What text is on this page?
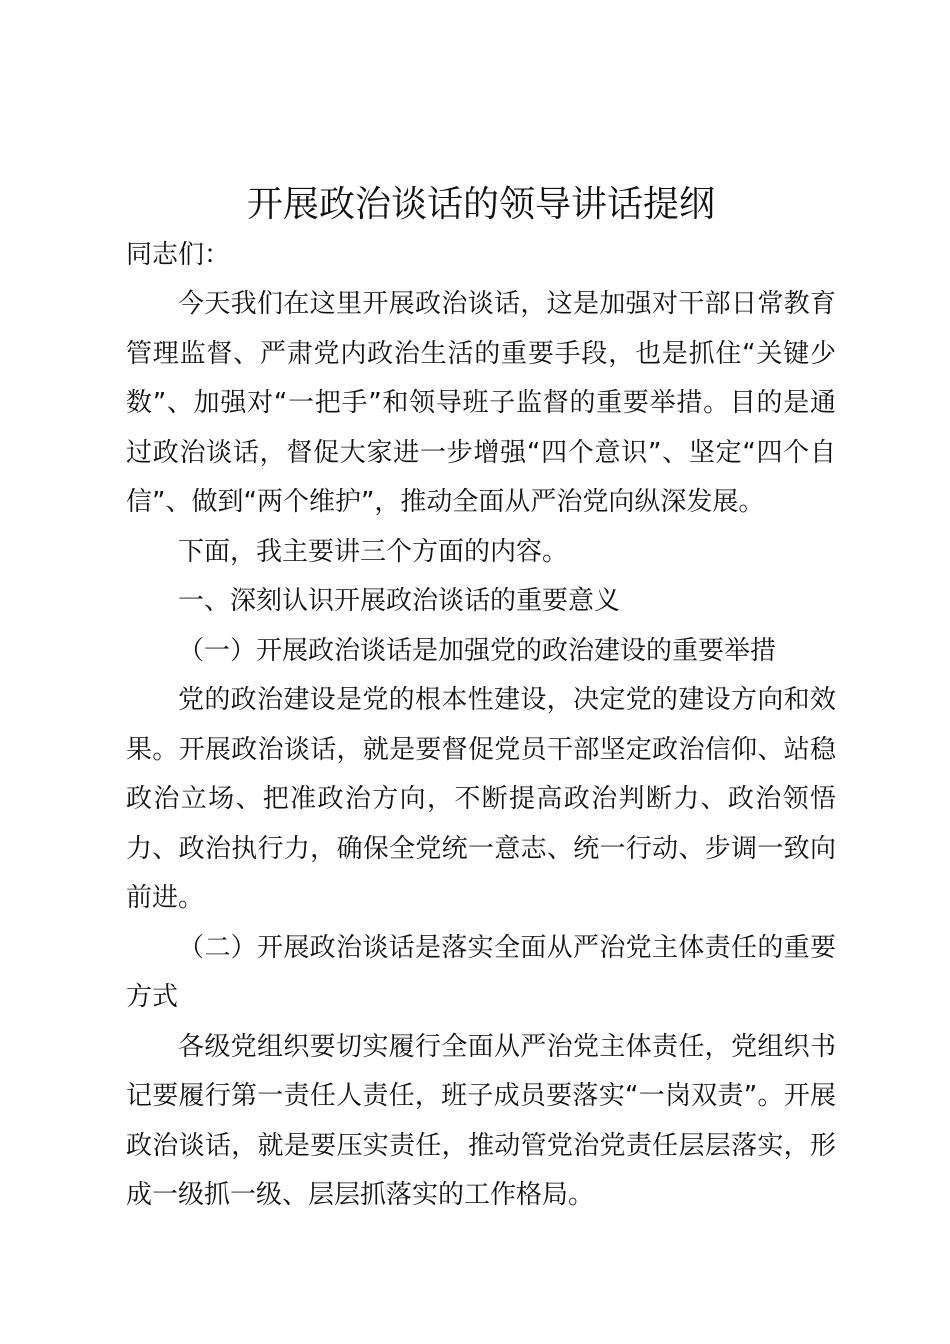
开展政治谈话的领导讲话提纲

同志们：

今天我们在这里开展政治谈话，这是加强对干部日常教育管理监督、严肃党内政治生活的重要手段，也是抓住“关键少数”、加强对“一把手”和领导班子监督的重要举措。目的是通过政治谈话，督促大家进一步增强“四个意识”、坚定“四个自信”、做到“两个维护”，推动全面从严治党向纵深发展。

下面，我主要讲三个方面的内容。

一、深刻认识开展政治谈话的重要意义

（一）开展政治谈话是加强党的政治建设的重要举措

党的政治建设是党的根本性建设，决定党的建设方向和效果。开展政治谈话，就是要督促党员干部坚定政治信仰、站稳政治立场、把准政治方向，不断提高政治判断力、政治领悟力、政治执行力，确保全党统一意志、统一行动、步调一致向前进。

（二）开展政治谈话是落实全面从严治党主体责任的重要方式

各级党组织要切实履行全面从严治党主体责任，党组织书记要履行第一责任人责任，班子成员要落实“一岗双责”。开展政治谈话，就是要压实责任，推动管党治党责任层层落实，形成一级抓一级、层层抓落实的工作格局。
